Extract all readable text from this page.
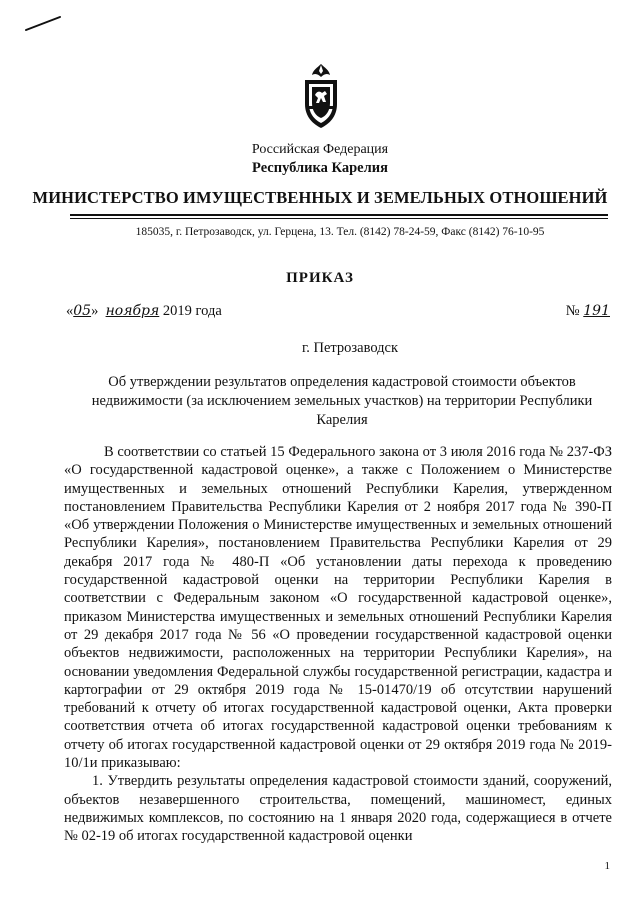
Российская Федерация
Республика Карелия
МИНИСТЕРСТВО ИМУЩЕСТВЕННЫХ И ЗЕМЕЛЬНЫХ ОТНОШЕНИЙ
185035, г. Петрозаводск, ул. Герцена, 13. Тел. (8142) 78-24-59, Факс (8142) 76-10-95
ПРИКАЗ
«05» ноября 2019 года	№ 191
г. Петрозаводск
Об утверждении результатов определения кадастровой стоимости объектов недвижимости (за исключением земельных участков) на территории Республики Карелия

В соответствии со статьей 15 Федерального закона от 3 июля 2016 года № 237-ФЗ «О государственной кадастровой оценке», а также с Положением о Министерстве имущественных и земельных отношений Республики Карелия, утвержденном постановлением Правительства Республики Карелия от 2 ноября 2017 года № 390-П «Об утверждении Положения о Министерстве имущественных и земельных отношений Республики Карелия», постановлением Правительства Республики Карелия от 29 декабря 2017 года № 480-П «Об установлении даты перехода к проведению государственной кадастровой оценки на территории Республики Карелия в соответствии с Федеральным законом «О государственной кадастровой оценке», приказом Министерства имущественных и земельных отношений Республики Карелия от 29 декабря 2017 года № 56 «О проведении государственной кадастровой оценки объектов недвижимости, расположенных на территории Республики Карелия», на основании уведомления Федеральной службы государственной регистрации, кадастра и картографии от 29 октября 2019 года № 15-01470/19 об отсутствии нарушений требований к отчету об итогах государственной кадастровой оценки, Акта проверки соответствия отчета об итогах государственной кадастровой оценки требованиям к отчету об итогах государственной кадастровой оценки от 29 октября 2019 года № 2019-10/1и приказываю:

1. Утвердить результаты определения кадастровой стоимости зданий, сооружений, объектов незавершенного строительства, помещений, машиномест, единых недвижимых комплексов, по состоянию на 1 января 2020 года, содержащиеся в отчете № 02-19 об итогах государственной кадастровой оценки

1
